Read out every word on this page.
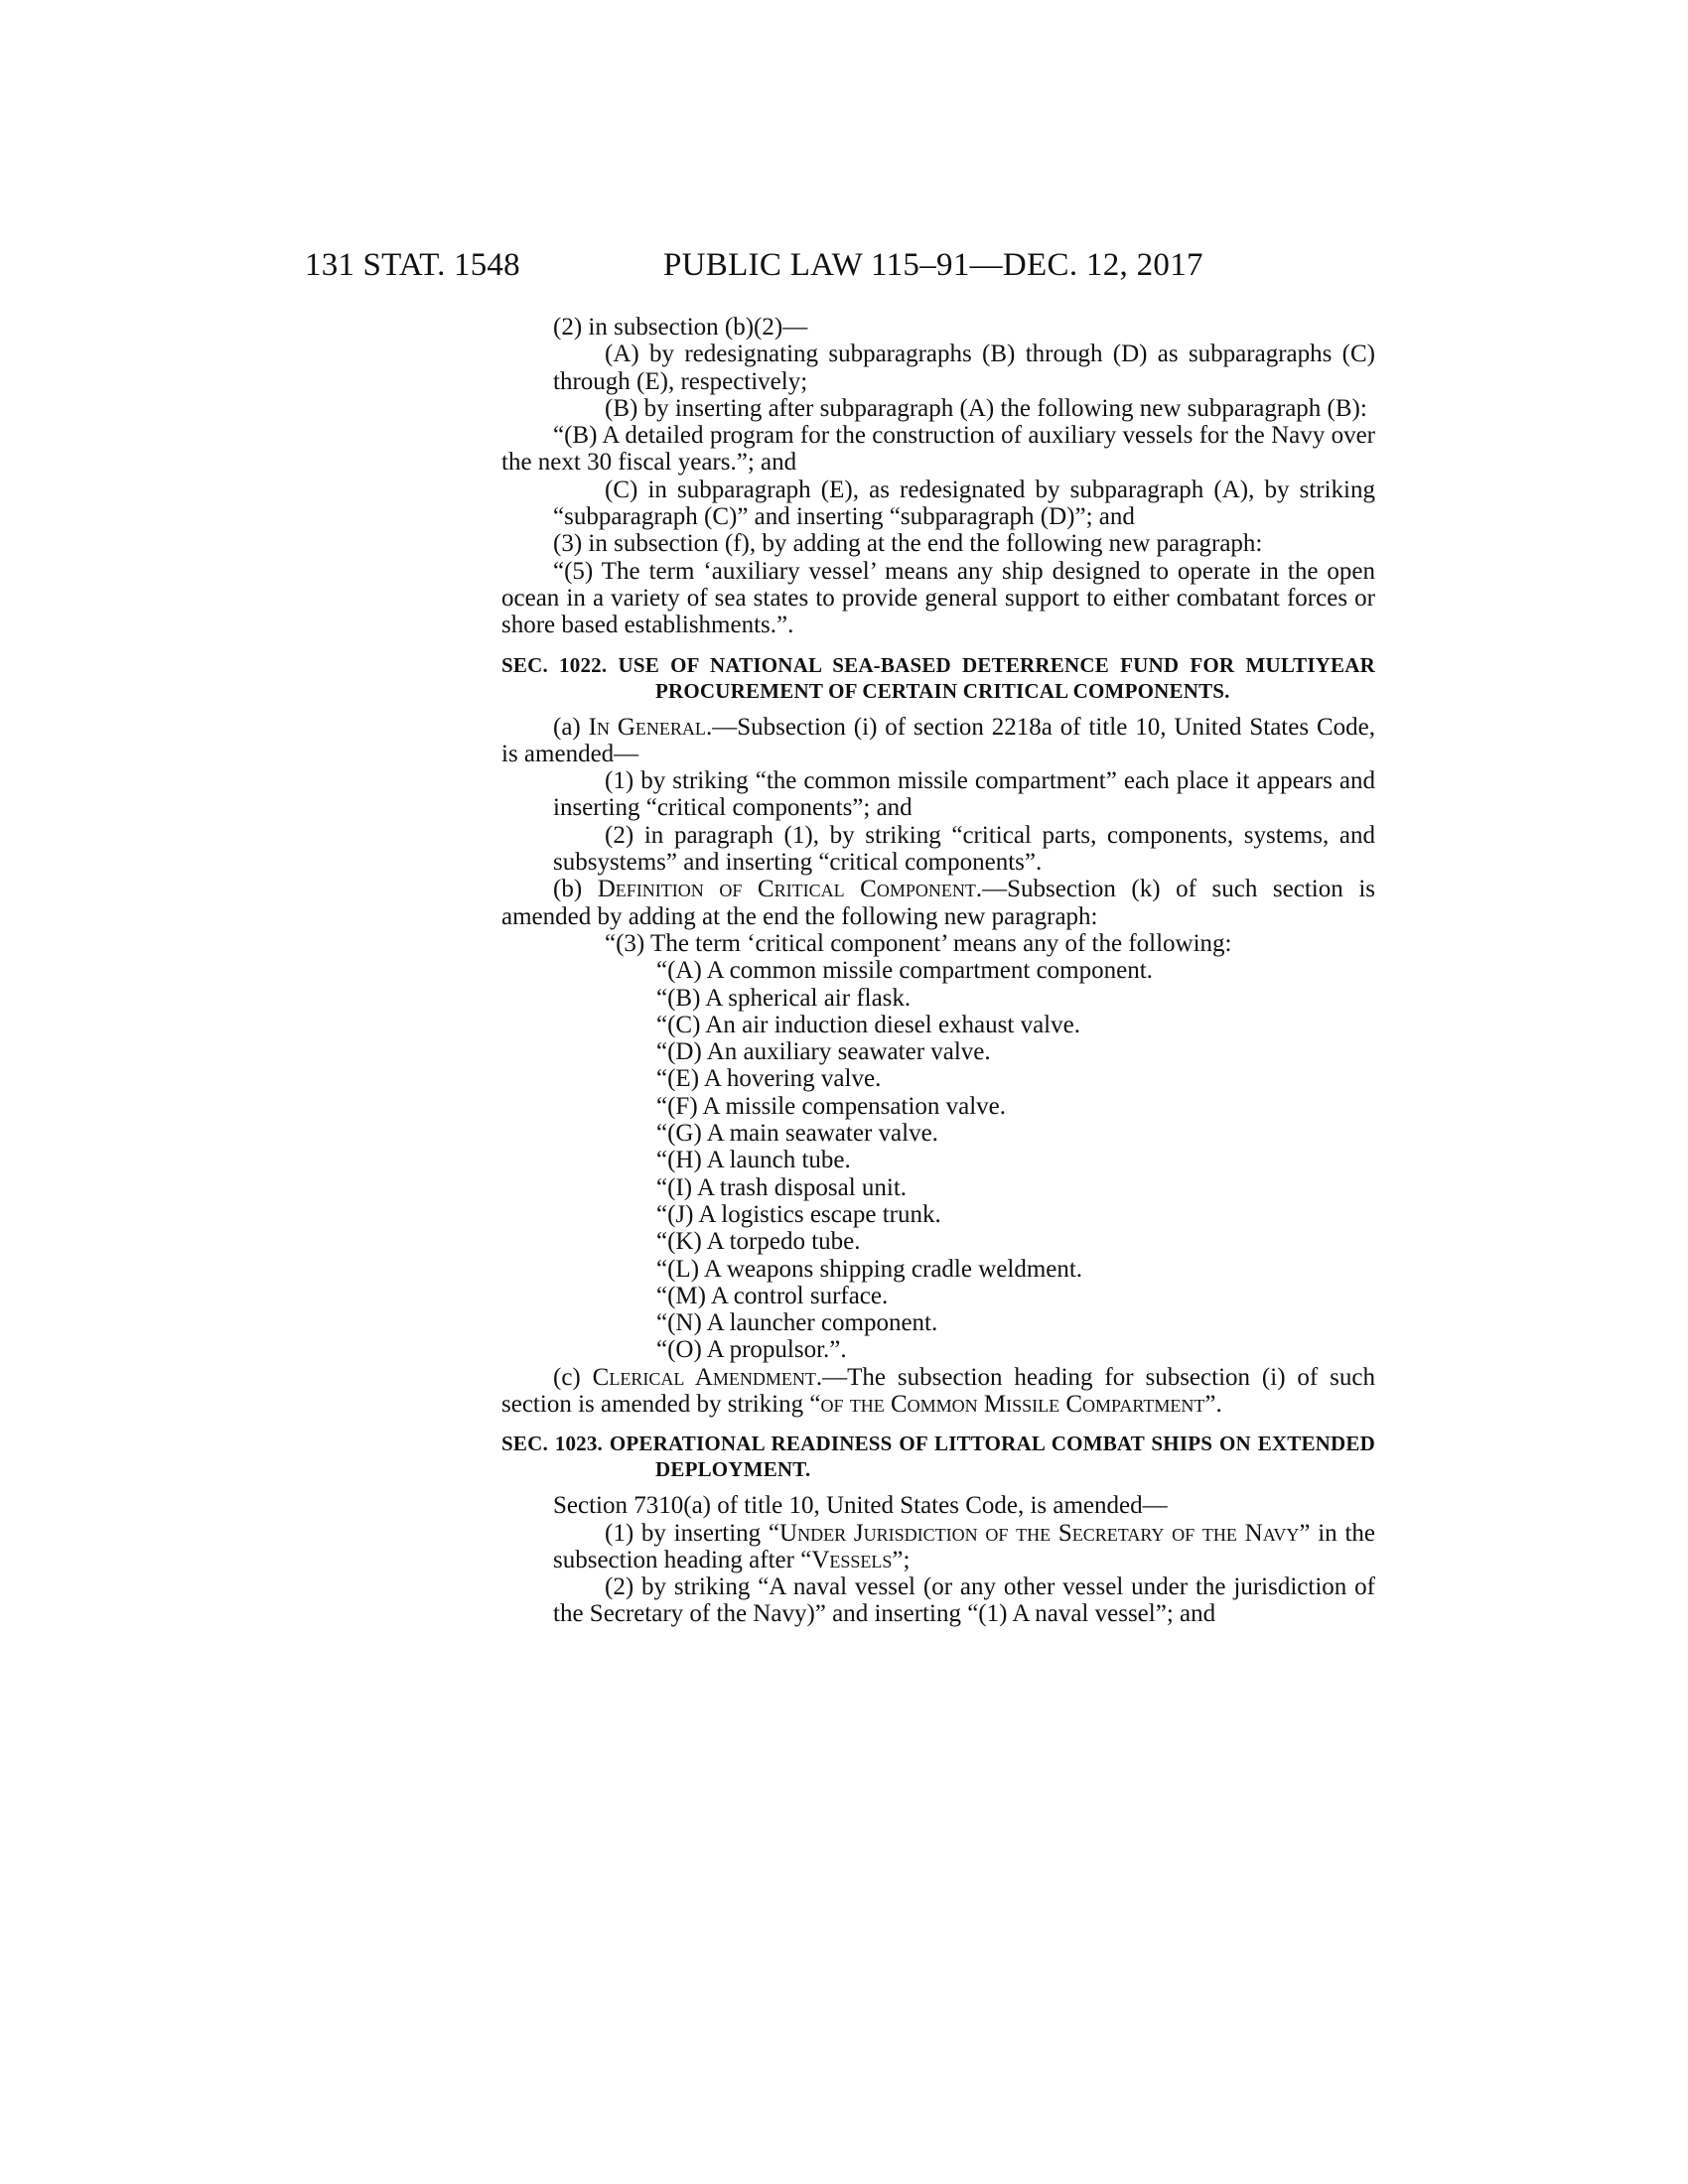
131 STAT. 1548	PUBLIC LAW 115–91—DEC. 12, 2017

(2) in subsection (b)(2)—

(A) by redesignating subparagraphs (B) through (D) as subparagraphs (C) through (E), respectively;

(B) by inserting after subparagraph (A) the following new subparagraph (B):

“(B) A detailed program for the construction of auxiliary vessels for the Navy over the next 30 fiscal years.”; and

(C) in subparagraph (E), as redesignated by subparagraph (A), by striking “subparagraph (C)” and inserting “subparagraph (D)”; and

(3) in subsection (f), by adding at the end the following new paragraph:

“(5) The term ‘auxiliary vessel’ means any ship designed to operate in the open ocean in a variety of sea states to provide general support to either combatant forces or shore based establishments.”.

SEC. 1022. USE OF NATIONAL SEA-BASED DETERRENCE FUND FOR MULTIYEAR PROCUREMENT OF CERTAIN CRITICAL COMPONENTS.

(a) In General.—Subsection (i) of section 2218a of title 10, United States Code, is amended—

(1) by striking “the common missile compartment” each place it appears and inserting “critical components”; and

(2) in paragraph (1), by striking “critical parts, components, systems, and subsystems” and inserting “critical components”.

(b) Definition of Critical Component.—Subsection (k) of such section is amended by adding at the end the following new paragraph:

“(3) The term ‘critical component’ means any of the following:

“(A) A common missile compartment component.

“(B) A spherical air flask.

“(C) An air induction diesel exhaust valve.

“(D) An auxiliary seawater valve.

“(E) A hovering valve.

“(F) A missile compensation valve.

“(G) A main seawater valve.

“(H) A launch tube.

“(I) A trash disposal unit.

“(J) A logistics escape trunk.

“(K) A torpedo tube.

“(L) A weapons shipping cradle weldment.

“(M) A control surface.

“(N) A launcher component.

“(O) A propulsor.”.

(c) Clerical Amendment.—The subsection heading for subsection (i) of such section is amended by striking “of the Common Missile Compartment”.

SEC. 1023. OPERATIONAL READINESS OF LITTORAL COMBAT SHIPS ON EXTENDED DEPLOYMENT.

Section 7310(a) of title 10, United States Code, is amended—

(1) by inserting “Under Jurisdiction of the Secretary of the Navy” in the subsection heading after “Vessels”;

(2) by striking “A naval vessel (or any other vessel under the jurisdiction of the Secretary of the Navy)” and inserting “(1) A naval vessel”; and
